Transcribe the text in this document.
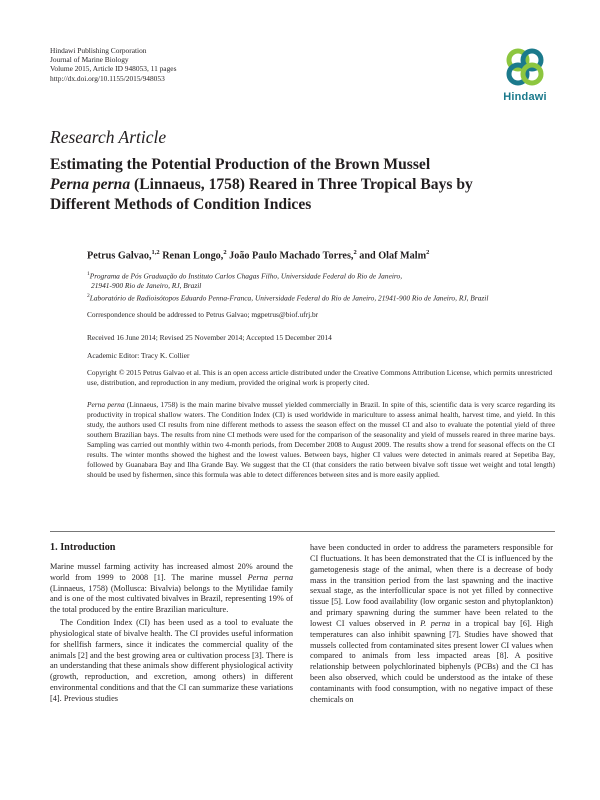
Hindawi Publishing Corporation
Journal of Marine Biology
Volume 2015, Article ID 948053, 11 pages
http://dx.doi.org/10.1155/2015/948053
Hindawi
Research Article
Estimating the Potential Production of the Brown Mussel
Perna perna (Linnaeus, 1758) Reared in Three Tropical Bays by
Different Methods of Condition Indices
Petrus Galvao,$^{1,2}$ Renan Longo,$^2$ João Paulo Machado Torres,$^2$ and Olaf Malm$^2$
$^1$Programa de Pós Graduação do Instituto Carlos Chagas Filho, Universidade Federal do Rio de Janeiro,
21941-900 Rio de Janeiro, RJ, Brazil
$^2$Laboratório de Radioisótopos Eduardo Penna-Franca, Universidade Federal do Rio de Janeiro, 21941-900 Rio de Janeiro, RJ, Brazil
Correspondence should be addressed to Petrus Galvao; mgpetrus@biof.ufrj.br
Received 16 June 2014; Revised 25 November 2014; Accepted 15 December 2014
Academic Editor: Tracy K. Collier
Copyright © 2015 Petrus Galvao et al. This is an open access article distributed under the Creative Commons Attribution License, which permits unrestricted use, distribution, and reproduction in any medium, provided the original work is properly cited.

Perna perna (Linnaeus, 1758) is the main marine bivalve mussel yielded commercially in Brazil. In spite of this, scientific data is very scarce regarding its productivity in tropical shallow waters. The Condition Index (CI) is used worldwide in mariculture to assess animal health, harvest time, and yield. In this study, the authors used CI results from nine different methods to assess the season effect on the mussel CI and also to evaluate the potential yield of three southern Brazilian bays. The results from nine CI methods were used for the comparison of the seasonality and yield of mussels reared in three marine bays. Sampling was carried out monthly within two 4-month periods, from December 2008 to August 2009. The results show a trend for seasonal effects on the CI results. The winter months showed the highest and the lowest values. Between bays, higher CI values were detected in animals reared at Sepetiba Bay, followed by Guanabara Bay and Ilha Grande Bay. We suggest that the CI (that considers the ratio between bivalve soft tissue wet weight and total length) should be used by fishermen, since this formula was able to detect differences between sites and is more easily applied.

1. Introduction

Marine mussel farming activity has increased almost 20% around the world from 1999 to 2008 [1]. The marine mussel Perna perna (Linnaeus, 1758) (Mollusca: Bivalvia) belongs to the Mytilidae family and is one of the most cultivated bivalves in Brazil, representing 19% of the total produced by the entire Brazilian mariculture.

The Condition Index (CI) has been used as a tool to evaluate the physiological state of bivalve health. The CI provides useful information for shellfish farmers, since it indicates the commercial quality of the animals [2] and the best growing area or cultivation process [3]. There is an understanding that these animals show different physiological activity (growth, reproduction, and excretion, among others) in different environmental conditions and that the CI can summarize these variations [4]. Previous studies

have been conducted in order to address the parameters responsible for CI fluctuations. It has been demonstrated that the CI is influenced by the gametogenesis stage of the animal, when there is a decrease of body mass in the transition period from the last spawning and the inactive sexual stage, as the interfollicular space is not yet filled by connective tissue [5]. Low food availability (low organic seston and phytoplankton) and primary spawning during the summer have been related to the lowest CI values observed in P. perna in a tropical bay [6]. High temperatures can also inhibit spawning [7]. Studies have showed that mussels collected from contaminated sites present lower CI values when compared to animals from less impacted areas [8]. A positive relationship between polychlorinated biphenyls (PCBs) and the CI has been also observed, which could be understood as the intake of these contaminants with food consumption, with no negative impact of these chemicals on
